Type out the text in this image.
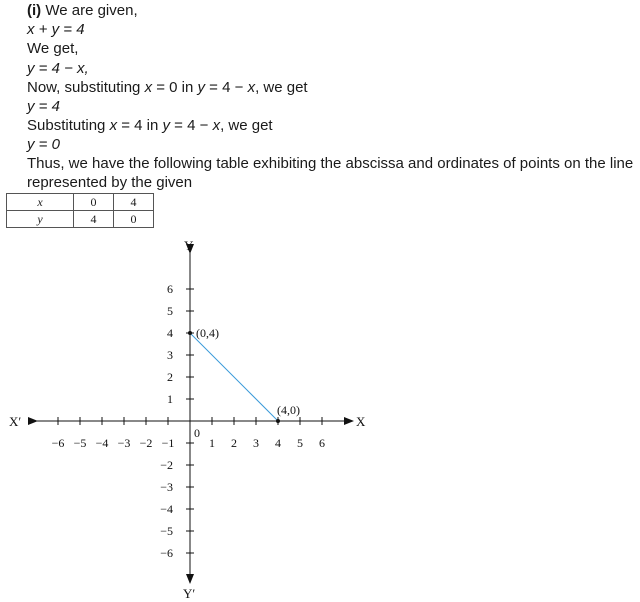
(i) We are given,
x + y = 4
We get,
y = 4 − x,
Now, substituting x = 0 in y = 4 − x, we get
y = 4
Substituting x = 4 in y = 4 − x, we get
y = 0
Thus, we have the following table exhibiting the abscissa and ordinates of points on the line
represented by the given
x	0	4
y	4	0
X
X′
Y
Y′
0
−6 −5 −4 −3 −2 −1	1 2 3 4 5 6
6
5
4
3
2
1
−2
−3
−4
−5
−6
(0,4)
(4,0)
